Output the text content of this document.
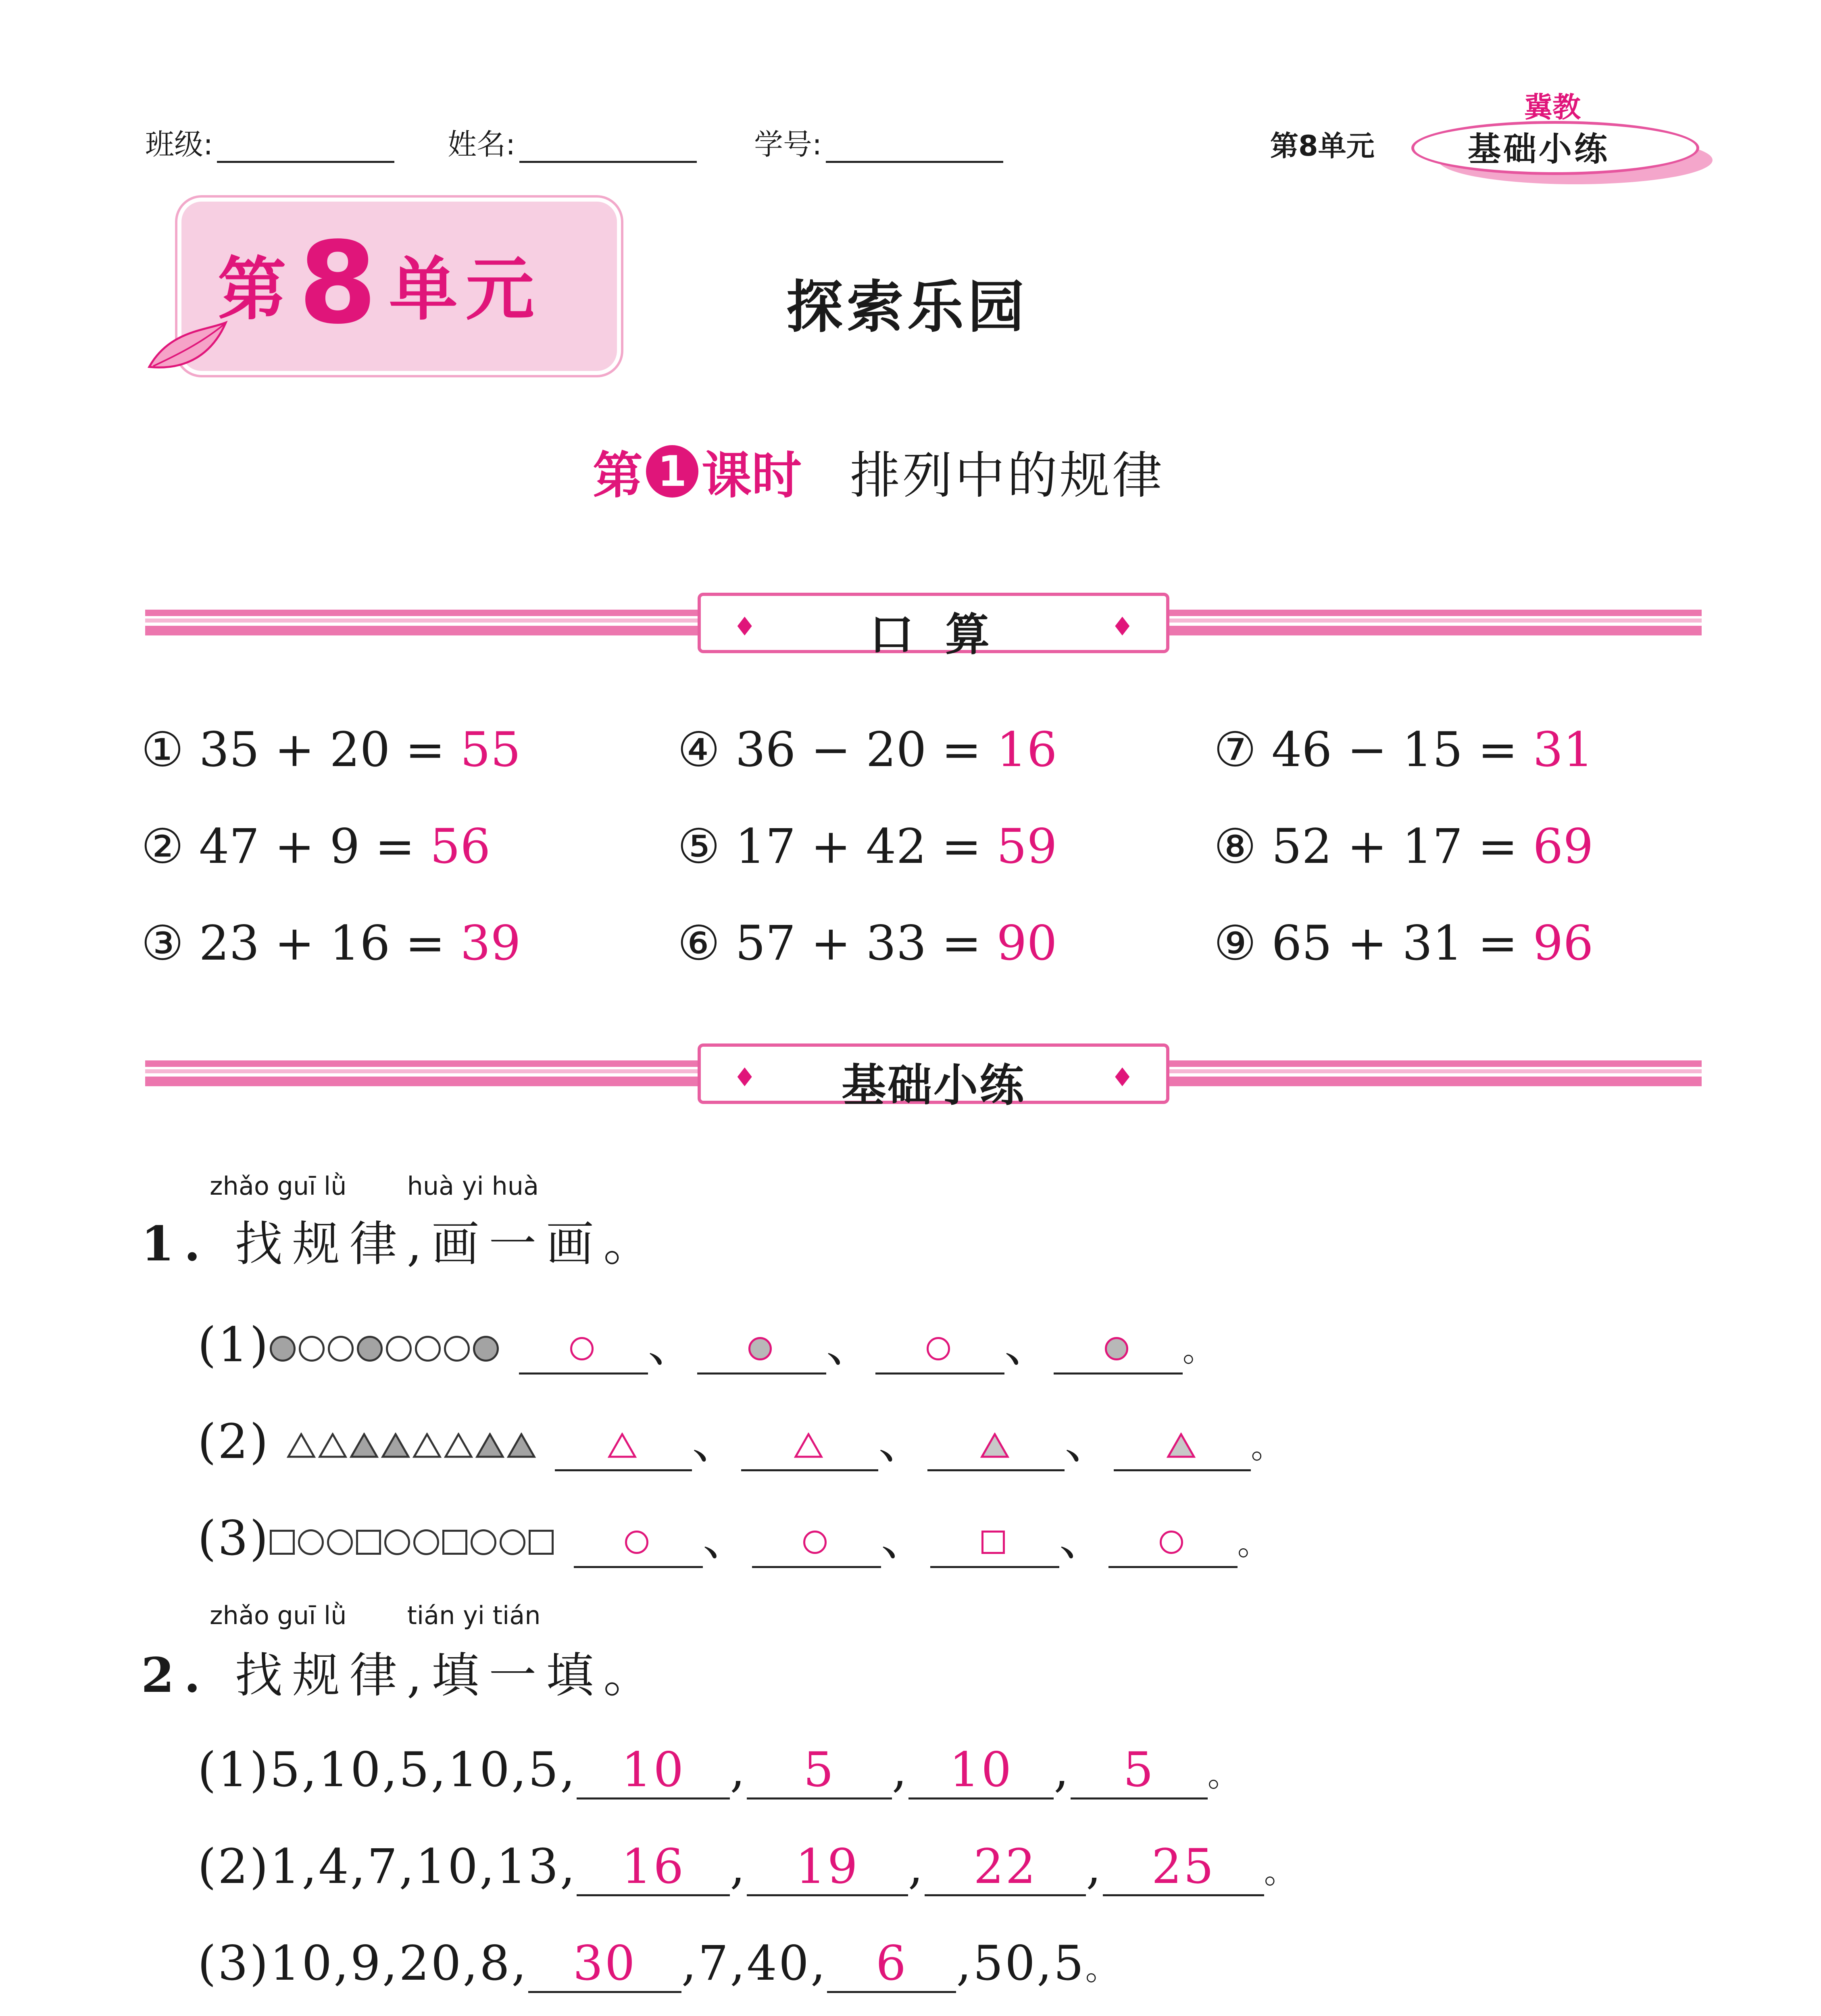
班级:	姓名:	学号:	第8单元
冀教
基础小练
第 8 单元	探索乐园
第 1 课时 排列中的规律
♦	口 算	♦
① 35 + 20 = 55
② 47 + 9 = 56
③ 23 + 16 = 39
④ 36 − 20 = 16
⑤ 17 + 42 = 59
⑥ 57 + 33 = 90
⑦ 46 − 15 = 31
⑧ 52 + 17 = 69
⑨ 65 + 31 = 96
♦	基础小练	♦
zhǎo guī lǜ huà yi huà
1. 找规律,画一画。
(1)	、	、	、	。
(2)	、	、	、	。
(3)	、	、	、	。
zhǎo guī lǜ tián yi tián
2. 找规律,填一填。
(1)5,10,5,10,5, 10 , 5 , 10 , 5 。
(2)1,4,7,10,13, 16 , 19 , 22 , 25 。
(3)10,9,20,8, 30 ,7,40, 6 ,50,5。
